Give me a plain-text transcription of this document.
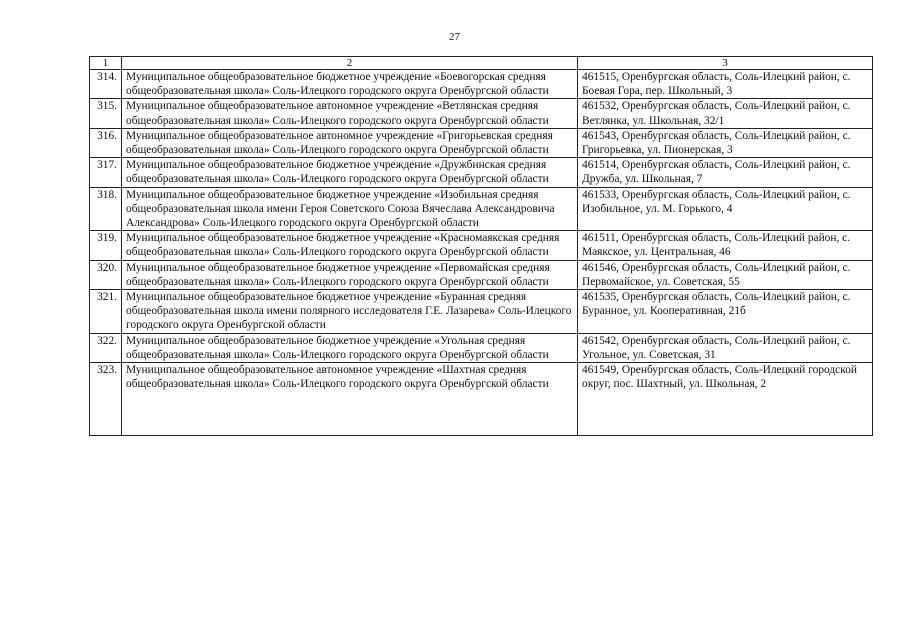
27
1	2	3
314.	Муниципальное общеобразовательное бюджетное учреждение «Боевогорская средняя общеобразовательная школа» Соль-Илецкого городского округа Оренбургской области	461515, Оренбургская область, Соль-Илецкий район, с. Боевая Гора, пер. Школьный, 3
315.	Муниципальное общеобразовательное автономное учреждение «Ветлянская средняя общеобразовательная школа» Соль-Илецкого городского округа Оренбургской области	461532, Оренбургская область, Соль-Илецкий район, с. Ветлянка, ул. Школьная, 32/1
316.	Муниципальное общеобразовательное автономное учреждение «Григорьевская средняя общеобразовательная школа» Соль-Илецкого городского округа Оренбургской области	461543, Оренбургская область, Соль-Илецкий район, с. Григорьевка, ул. Пионерская, 3
317.	Муниципальное общеобразовательное бюджетное учреждение «Дружбинская средняя общеобразовательная школа» Соль-Илецкого городского округа Оренбургской области	461514, Оренбургская область, Соль-Илецкий район, с. Дружба, ул. Школьная, 7
318.	Муниципальное общеобразовательное бюджетное учреждение «Изобильная средняя общеобразовательная школа имени Героя Советского Союза Вячеслава Александровича Александрова» Соль-Илецкого городского округа Оренбургской области	461533, Оренбургская область, Соль-Илецкий район, с. Изобильное, ул. М. Горького, 4
319.	Муниципальное общеобразовательное бюджетное учреждение «Красномаякская средняя общеобразовательная школа» Соль-Илецкого городского округа Оренбургской области	461511, Оренбургская область, Соль-Илецкий район, с. Маякское, ул. Центральная, 46
320.	Муниципальное общеобразовательное бюджетное учреждение «Первомайская средняя общеобразовательная школа» Соль-Илецкого городского округа Оренбургской области	461546, Оренбургская область, Соль-Илецкий район, с. Первомайское, ул. Советская, 55
321.	Муниципальное общеобразовательное бюджетное учреждение «Буранная средняя общеобразовательная школа имени полярного исследователя Г.Е. Лазарева» Соль-Илецкого городского округа Оренбургской области	461535, Оренбургская область, Соль-Илецкий район, с. Буранное, ул. Кооперативная, 21б
322.	Муниципальное общеобразовательное бюджетное учреждение «Угольная средняя общеобразовательная школа» Соль-Илецкого городского округа Оренбургской области	461542, Оренбургская область, Соль-Илецкий район, с. Угольное, ул. Советская, 31
323.	Муниципальное общеобразовательное автономное учреждение «Шахтная средняя общеобразовательная школа» Соль-Илецкого городского округа Оренбургской области	461549, Оренбургская область, Соль-Илецкий городской округ, пос. Шахтный, ул. Школьная, 2
